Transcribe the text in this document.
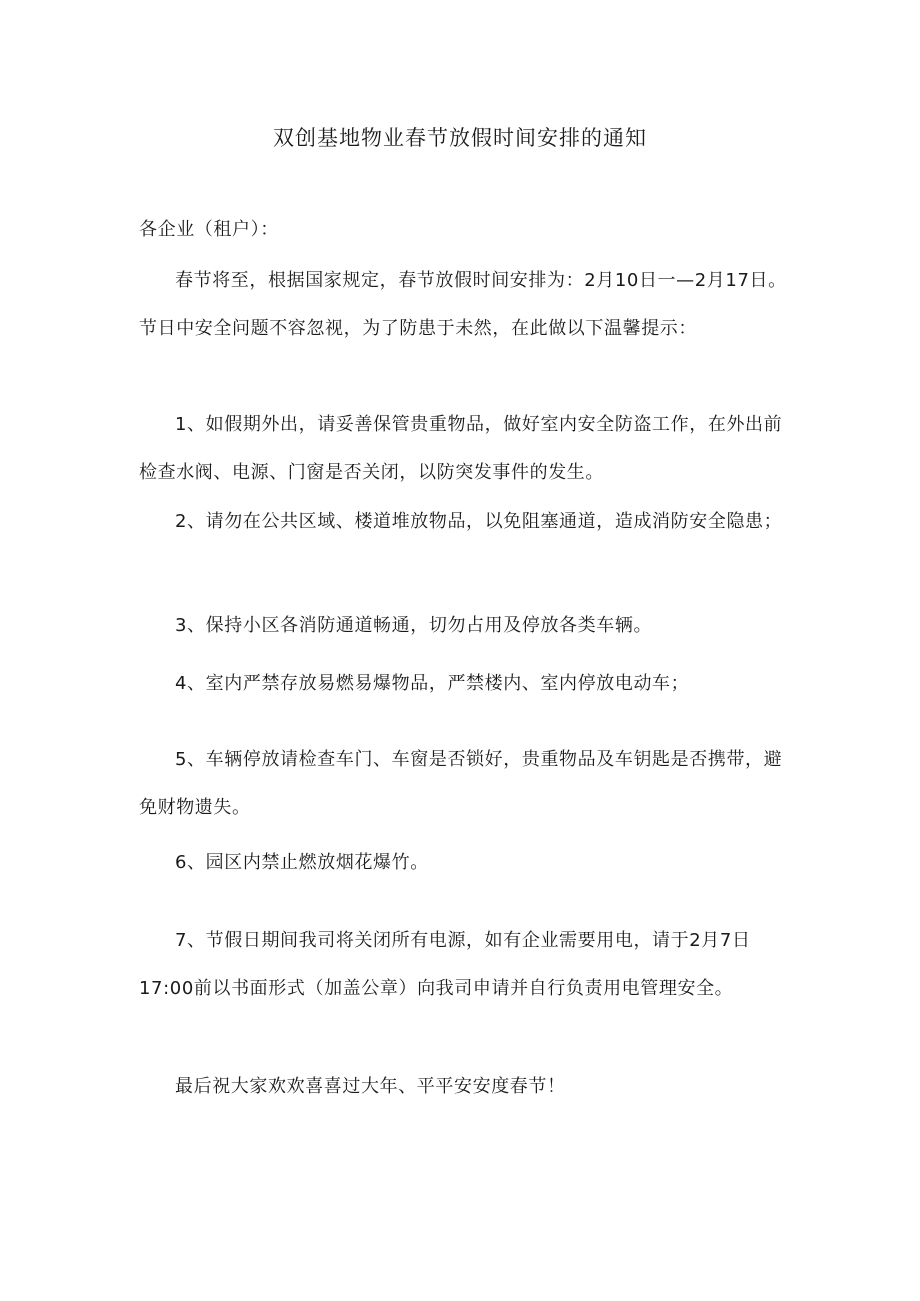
双创基地物业春节放假时间安排的通知

各企业（租户）：

春节将至，根据国家规定，春节放假时间安排为：2月10日一—2月17日。节日中安全问题不容忽视，为了防患于未然，在此做以下温馨提示：

1、如假期外出，请妥善保管贵重物品，做好室内安全防盗工作，在外出前检查水阀、电源、门窗是否关闭，以防突发事件的发生。

2、请勿在公共区域、楼道堆放物品，以免阻塞通道，造成消防安全隐患；

3、保持小区各消防通道畅通，切勿占用及停放各类车辆。

4、室内严禁存放易燃易爆物品，严禁楼内、室内停放电动车；

5、车辆停放请检查车门、车窗是否锁好，贵重物品及车钥匙是否携带，避免财物遗失。

6、园区内禁止燃放烟花爆竹。

7、节假日期间我司将关闭所有电源，如有企业需要用电，请于2月7日17:00前以书面形式（加盖公章）向我司申请并自行负责用电管理安全。

最后祝大家欢欢喜喜过大年、平平安安度春节！
